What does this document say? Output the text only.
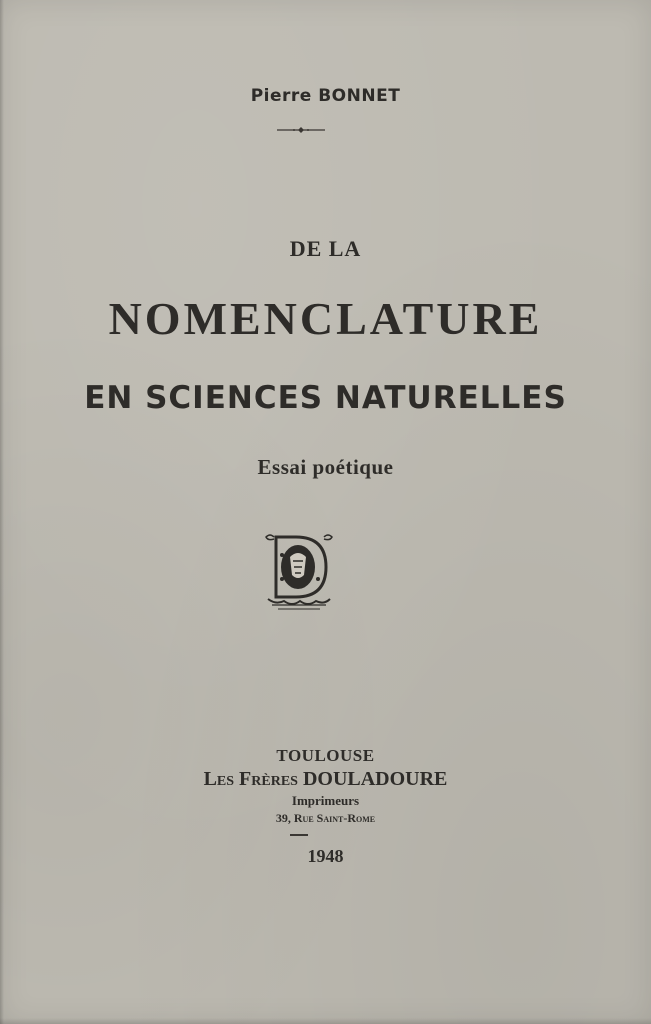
Pierre BONNET
DE LA
NOMENCLATURE
EN SCIENCES NATURELLES
Essai poétique
TOULOUSE
Les Frères DOULADOURE
Imprimeurs
39, Rue Saint-Rome
1948
